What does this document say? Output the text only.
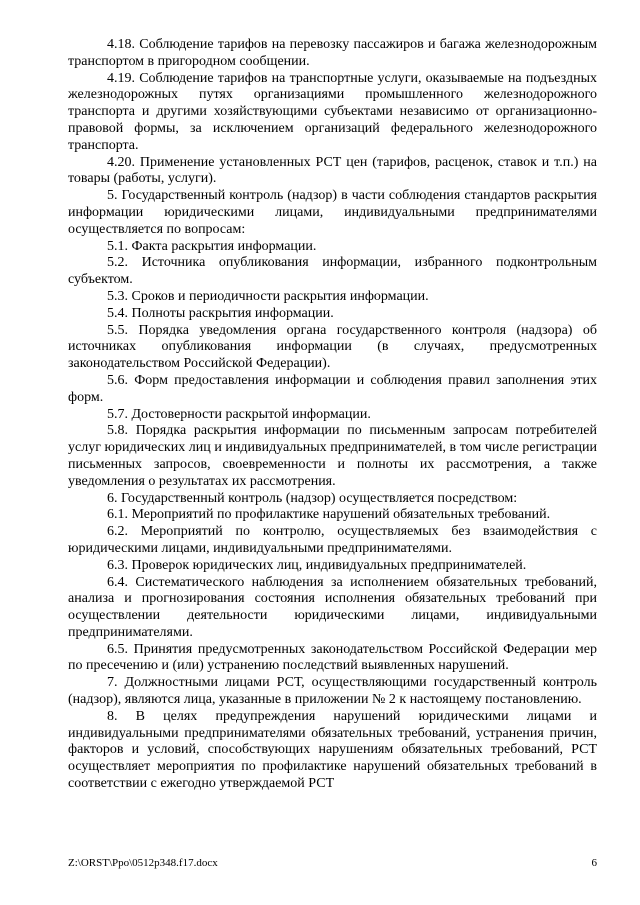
4.18. Соблюдение тарифов на перевозку пассажиров и багажа железнодорожным транспортом в пригородном сообщении.

4.19. Соблюдение тарифов на транспортные услуги, оказываемые на подъездных железнодорожных путях организациями промышленного железнодорожного транспорта и другими хозяйствующими субъектами независимо от организационно-правовой формы, за исключением организаций федерального железнодорожного транспорта.

4.20. Применение установленных РСТ цен (тарифов, расценок, ставок и т.п.) на товары (работы, услуги).

5. Государственный контроль (надзор) в части соблюдения стандартов раскрытия информации юридическими лицами, индивидуальными предпринимателями осуществляется по вопросам:

5.1. Факта раскрытия информации.

5.2. Источника опубликования информации, избранного подконтрольным субъектом.

5.3. Сроков и периодичности раскрытия информации.

5.4. Полноты раскрытия информации.

5.5. Порядка уведомления органа государственного контроля (надзора) об источниках опубликования информации (в случаях, предусмотренных законодательством Российской Федерации).

5.6. Форм предоставления информации и соблюдения правил заполнения этих форм.

5.7. Достоверности раскрытой информации.

5.8. Порядка раскрытия информации по письменным запросам потребителей услуг юридических лиц и индивидуальных предпринимателей, в том числе регистрации письменных запросов, своевременности и полноты их рассмотрения, а также уведомления о результатах их рассмотрения.

6. Государственный контроль (надзор) осуществляется посредством:

6.1. Мероприятий по профилактике нарушений обязательных требований.

6.2. Мероприятий по контролю, осуществляемых без взаимодействия с юридическими лицами, индивидуальными предпринимателями.

6.3. Проверок юридических лиц, индивидуальных предпринимателей.

6.4. Систематического наблюдения за исполнением обязательных требований, анализа и прогнозирования состояния исполнения обязательных требований при осуществлении деятельности юридическими лицами, индивидуальными предпринимателями.

6.5. Принятия предусмотренных законодательством Российской Федерации мер по пресечению и (или) устранению последствий выявленных нарушений.

7. Должностными лицами РСТ, осуществляющими государственный контроль (надзор), являются лица, указанные в приложении № 2 к настоящему постановлению.

8. В целях предупреждения нарушений юридическими лицами и индивидуальными предпринимателями обязательных требований, устранения причин, факторов и условий, способствующих нарушениям обязательных требований, РСТ осуществляет мероприятия по профилактике нарушений обязательных требований в соответствии с ежегодно утверждаемой РСТ

Z:\ORST\Ppo\0512p348.f17.docx	6
